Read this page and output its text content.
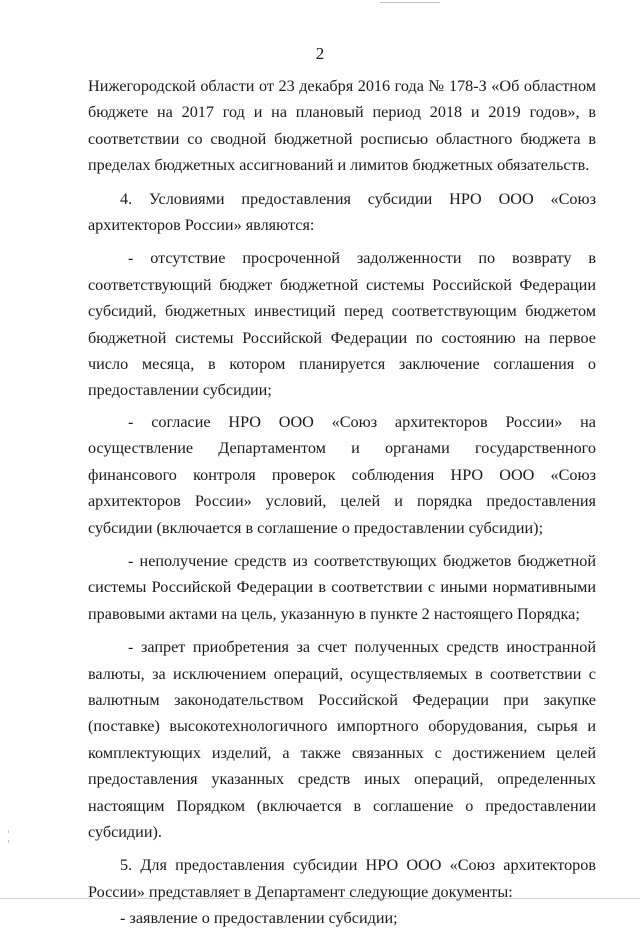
2

Нижегородской области от 23 декабря 2016 года № 178-З «Об областном бюджете на 2017 год и на плановый период 2018 и 2019 годов», в соответствии со сводной бюджетной росписью областного бюджета в пределах бюджетных ассигнований и лимитов бюджетных обязательств.

4. Условиями предоставления субсидии НРО ООО «Союз архитекторов России» являются:

- отсутствие просроченной задолженности по возврату в соответствующий бюджет бюджетной системы Российской Федерации субсидий, бюджетных инвестиций перед соответствующим бюджетом бюджетной системы Российской Федерации по состоянию на первое число месяца, в котором планируется заключение соглашения о предоставлении субсидии;

- согласие НРО ООО «Союз архитекторов России» на осуществление Департаментом и органами государственного финансового контроля проверок соблюдения НРО ООО «Союз архитекторов России» условий, целей и порядка предоставления субсидии (включается в соглашение о предоставлении субсидии);

- неполучение средств из соответствующих бюджетов бюджетной системы Российской Федерации в соответствии с иными нормативными правовыми актами на цель, указанную в пункте 2 настоящего Порядка;

- запрет приобретения за счет полученных средств иностранной валюты, за исключением операций, осуществляемых в соответствии с валютным законодательством Российской Федерации при закупке (поставке) высокотехнологичного импортного оборудования, сырья и комплектующих изделий, а также связанных с достижением целей предоставления указанных средств иных операций, определенных настоящим Порядком (включается в соглашение о предоставлении субсидии).

5. Для предоставления субсидии НРО ООО «Союз архитекторов России» представляет в Департамент следующие документы:

- заявление о предоставлении субсидии;
